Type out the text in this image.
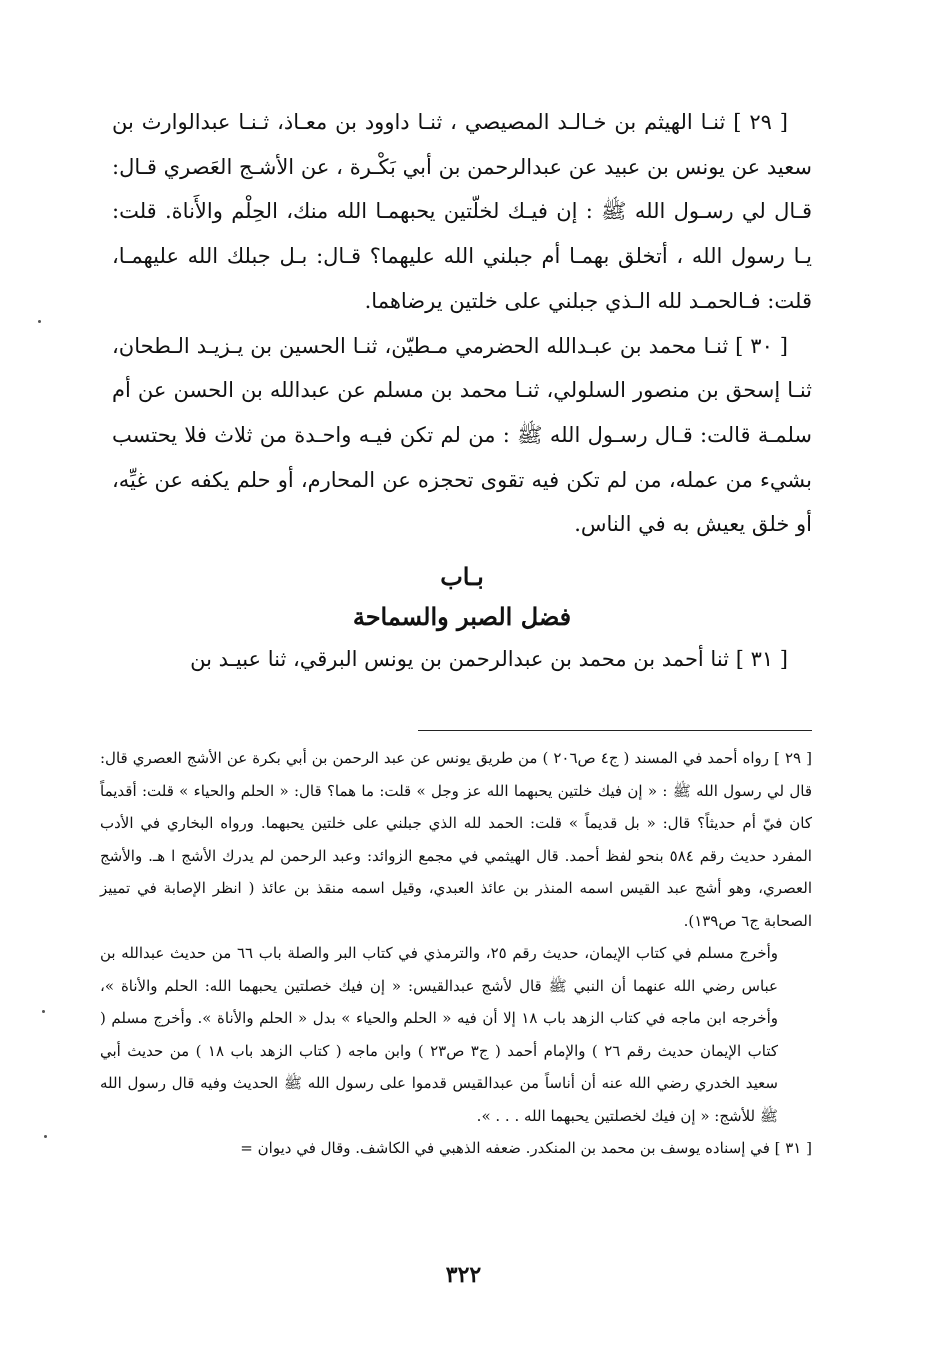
[ ٢٩ ] ثنـا الهيثم بن خـالـد المصيصي ، ثنـا داوود بن معـاذ، ثـنـا عبدالوارث بن سعيد عن يونس بن عبيد عن عبدالرحمن بن أبي بَكْـرة ، عن الأشـج العَصري قـال: قـال لي رسـول الله ﷺ : إن فيـك لخلّتين يحبهمـا الله منك، الحِلْم والأَناة. قلت: يـا رسول الله ، أتخلق بهمـا أم جبلني الله عليهما؟ قـال: بـل جبلك الله عليهمـا، قلت: فـالحمـد لله الـذي جبلني على خلتين يرضاهما.

[ ٣٠ ] ثنـا محمد بن عبـدالله الحضرمي مـطيّن، ثنـا الحسين بن يـزيـد الـطحان، ثنـا إسحق بن منصور السلولي، ثنـا محمد بن مسلم عن عبدالله بن الحسن عن أم سلمـة قالت: قـال رسـول الله ﷺ : من لم تكن فيـه واحـدة من ثلاث فلا يحتسب بشيء من عمله، من لم تكن فيه تقوى تحجزه عن المحارم، أو حلم يكفه عن غيِّه، أو خلق يعيش به في الناس.

بـاب
فضل الصبر والسماحة

[ ٣١ ] ثنا أحمد بن محمد بن عبدالرحمن بن يونس البرقي، ثنا عبيـد بن

[ ٢٩ ] رواه أحمد في المسند ( ج٤ ص٢٠٦ ) من طريق يونس عن عبد الرحمن بن أبي بكرة عن الأشج العصري قال: قال لي رسول الله ﷺ : « إن فيك خلتين يحبهما الله عز وجل » قلت: ما هما؟ قال: « الحلم والحياء » قلت: أقديماً كان فيّ أم حديثاً؟ قال: « بل قديماً » قلت: الحمد لله الذي جبلني على خلتين يحبهما. ورواه البخاري في الأدب المفرد حديث رقم ٥٨٤ بنحو لفظ أحمد. قال الهيثمي في مجمع الزوائد: وعبد الرحمن لم يدرك الأشج ا هـ. والأشج العصري، وهو أشج عبد القيس اسمه المنذر بن عائذ العبدي، وقيل اسمه منقذ بن عائذ ( انظر الإصابة في تمييز الصحابة ج٦ ص١٣٩).

وأخرج مسلم في كتاب الإيمان، حديث رقم ٢٥، والترمذي في كتاب البر والصلة باب ٦٦ من حديث عبدالله بن عباس رضي الله عنهما أن النبي ﷺ قال لأشج عبدالقيس: « إن فيك خصلتين يحبهما الله: الحلم والأناة »، وأخرجه ابن ماجه في كتاب الزهد باب ١٨ إلا أن فيه « الحلم والحياء » بدل « الحلم والأناة ». وأخرج مسلم ( كتاب الإيمان حديث رقم ٢٦ ) والإمام أحمد ( ج٣ ص٢٣ ) وابن ماجه ( كتاب الزهد باب ١٨ ) من حديث أبي سعيد الخدري رضي الله عنه أن أناساً من عبدالقيس قدموا على رسول الله ﷺ الحديث وفيه قال رسول الله ﷺ للأشج: « إن فيك لخصلتين يحبهما الله . . . ».

[ ٣١ ] في إسناده يوسف بن محمد بن المنكدر. ضعفه الذهبي في الكاشف. وقال في ديوان =

٣٢٢
